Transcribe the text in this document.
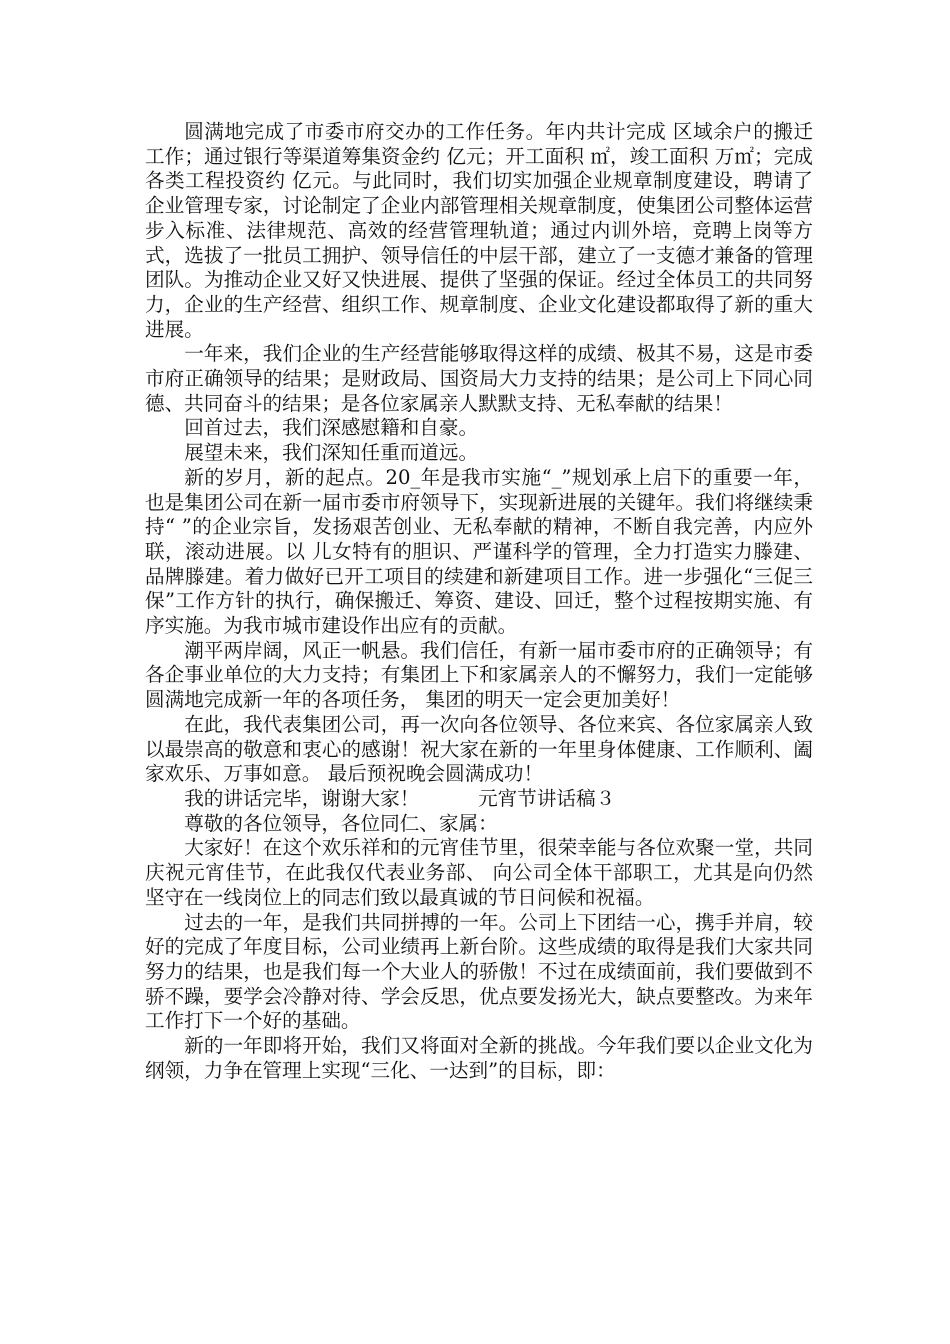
圆满地完成了市委市府交办的工作任务。年内共计完成 区域余户的搬迁工作；通过银行等渠道筹集资金约 亿元；开工面积 ㎡，竣工面积 万㎡；完成各类工程投资约 亿元。与此同时，我们切实加强企业规章制度建设，聘请了企业管理专家，讨论制定了企业内部管理相关规章制度，使集团公司整体运营步入标准、法律规范、高效的经营管理轨道；通过内训外培，竞聘上岗等方式，选拔了一批员工拥护、领导信任的中层干部，建立了一支德才兼备的管理团队。为推动企业又好又快进展、提供了坚强的保证。经过全体员工的共同努力，企业的生产经营、组织工作、规章制度、企业文化建设都取得了新的重大进展。

一年来，我们企业的生产经营能够取得这样的成绩、极其不易，这是市委市府正确领导的结果；是财政局、国资局大力支持的结果；是公司上下同心同德、共同奋斗的结果；是各位家属亲人默默支持、无私奉献的结果！

回首过去，我们深感慰籍和自豪。

展望未来，我们深知任重而道远。

新的岁月，新的起点。20_年是我市实施“_”规划承上启下的重要一年，也是集团公司在新一届市委市府领导下，实现新进展的关键年。我们将继续秉持“ ”的企业宗旨，发扬艰苦创业、无私奉献的精神，不断自我完善，内应外联，滚动进展。以 儿女特有的胆识、严谨科学的管理，全力打造实力滕建、品牌滕建。着力做好已开工项目的续建和新建项目工作。进一步强化“三促三保”工作方针的执行，确保搬迁、筹资、建设、回迁，整个过程按期实施、有序实施。为我市城市建设作出应有的贡献。

潮平两岸阔，风正一帆悬。我们信任，有新一届市委市府的正确领导；有各企事业单位的大力支持；有集团上下和家属亲人的不懈努力，我们一定能够圆满地完成新一年的各项任务， 集团的明天一定会更加美好！

在此，我代表集团公司，再一次向各位领导、各位来宾、各位家属亲人致以最崇高的敬意和衷心的感谢！祝大家在新的一年里身体健康、工作顺利、阖家欢乐、万事如意。 最后预祝晚会圆满成功！

我的讲话完毕，谢谢大家！　　　元宵节讲话稿３

尊敬的各位领导，各位同仁、家属：

大家好！在这个欢乐祥和的元宵佳节里，很荣幸能与各位欢聚一堂，共同庆祝元宵佳节，在此我仅代表业务部、 向公司全体干部职工，尤其是向仍然坚守在一线岗位上的同志们致以最真诚的节日问候和祝福。

过去的一年，是我们共同拼搏的一年。公司上下团结一心，携手并肩，较好的完成了年度目标，公司业绩再上新台阶。这些成绩的取得是我们大家共同努力的结果，也是我们每一个大业人的骄傲！不过在成绩面前，我们要做到不骄不躁，要学会冷静对待、学会反思，优点要发扬光大，缺点要整改。为来年工作打下一个好的基础。

新的一年即将开始，我们又将面对全新的挑战。今年我们要以企业文化为纲领，力争在管理上实现“三化、一达到”的目标，即：
